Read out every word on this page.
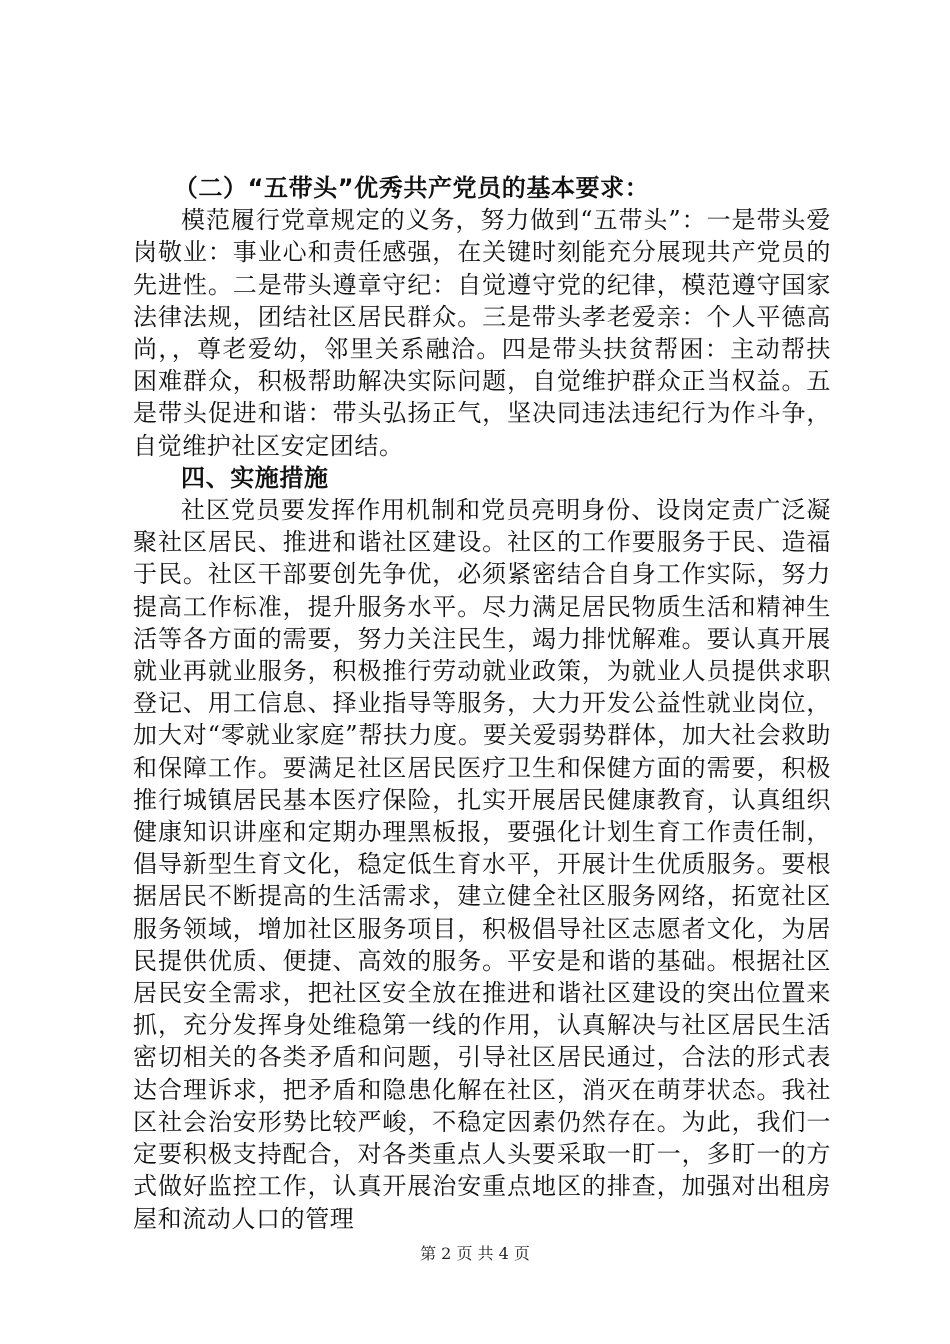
（二）“五带头”优秀共产党员的基本要求：

模范履行党章规定的义务，努力做到“五带头”：一是带头爱岗敬业：事业心和责任感强，在关键时刻能充分展现共产党员的先进性。二是带头遵章守纪：自觉遵守党的纪律，模范遵守国家法律法规，团结社区居民群众。三是带头孝老爱亲：个人平德高尚，，尊老爱幼，邻里关系融洽。四是带头扶贫帮困：主动帮扶困难群众，积极帮助解决实际问题，自觉维护群众正当权益。五是带头促进和谐：带头弘扬正气，坚决同违法违纪行为作斗争，自觉维护社区安定团结。

四、实施措施

社区党员要发挥作用机制和党员亮明身份、设岗定责广泛凝聚社区居民、推进和谐社区建设。社区的工作要服务于民、造福于民。社区干部要创先争优，必须紧密结合自身工作实际，努力提高工作标准，提升服务水平。尽力满足居民物质生活和精神生活等各方面的需要，努力关注民生，竭力排忧解难。要认真开展就业再就业服务，积极推行劳动就业政策，为就业人员提供求职登记、用工信息、择业指导等服务，大力开发公益性就业岗位，加大对“零就业家庭”帮扶力度。要关爱弱势群体，加大社会救助和保障工作。要满足社区居民医疗卫生和保健方面的需要，积极推行城镇居民基本医疗保险，扎实开展居民健康教育，认真组织健康知识讲座和定期办理黑板报，要强化计划生育工作责任制，倡导新型生育文化，稳定低生育水平，开展计生优质服务。要根据居民不断提高的生活需求，建立健全社区服务网络，拓宽社区服务领域，增加社区服务项目，积极倡导社区志愿者文化，为居民提供优质、便捷、高效的服务。平安是和谐的基础。根据社区居民安全需求，把社区安全放在推进和谐社区建设的突出位置来抓，充分发挥身处维稳第一线的作用，认真解决与社区居民生活密切相关的各类矛盾和问题，引导社区居民通过，合法的形式表达合理诉求，把矛盾和隐患化解在社区，消灭在萌芽状态。我社区社会治安形势比较严峻，不稳定因素仍然存在。为此，我们一定要积极支持配合，对各类重点人头要采取一盯一，多盯一的方式做好监控工作，认真开展治安重点地区的排查，加强对出租房屋和流动人口的管理

第 2 页 共 4 页
